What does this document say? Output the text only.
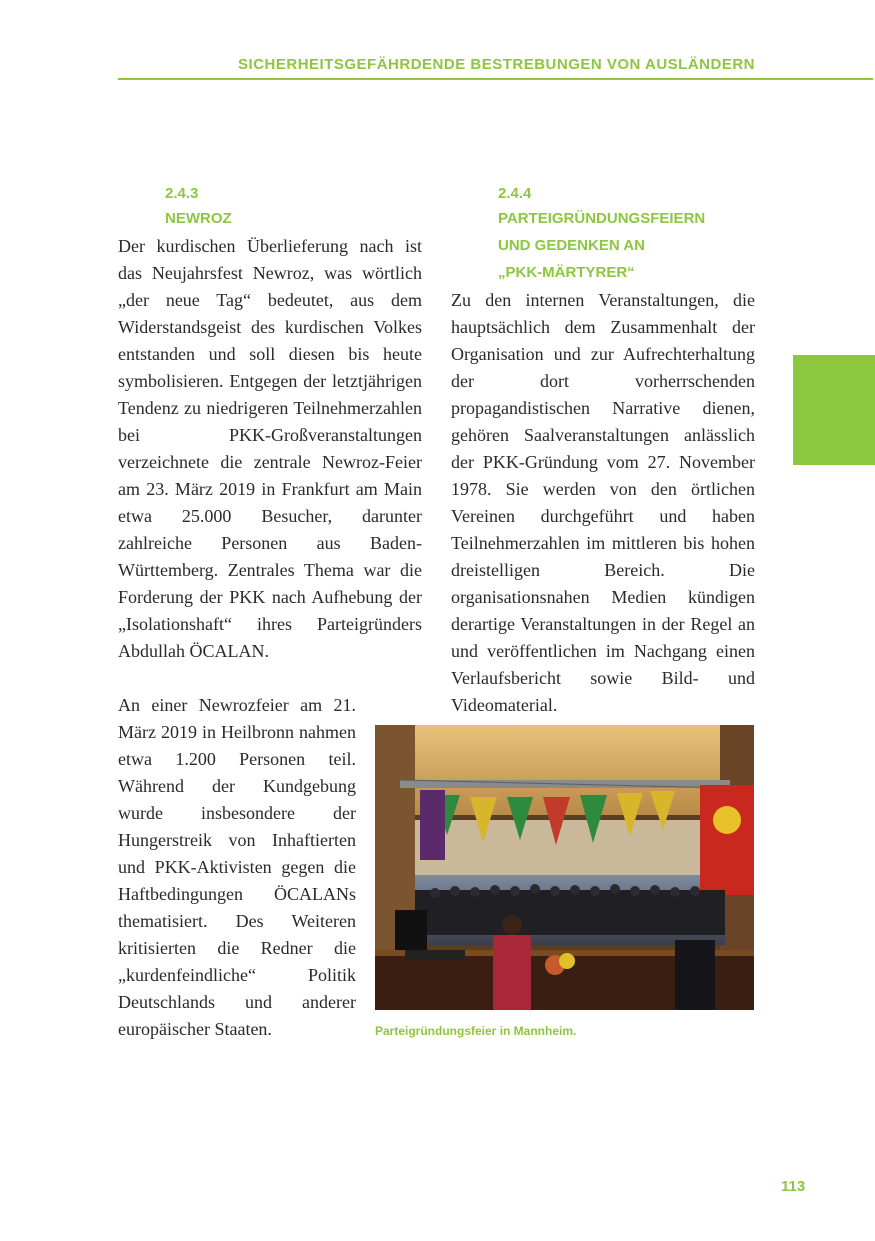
SICHERHEITSGEFÄHRDENDE BESTREBUNGEN VON AUSLÄNDERN
2.4.3
NEWROZ

Der kurdischen Überlieferung nach ist das Neujahrsfest Newroz, was wörtlich „der neue Tag“ bedeutet, aus dem Widerstandsgeist des kurdischen Volkes entstanden und soll diesen bis heute symbolisieren. Entgegen der letztjährigen Tendenz zu niedrigeren Teilnehmerzahlen bei PKK-Großveranstaltungen verzeichnete die zentrale Newroz-Feier am 23. März 2019 in Frankfurt am Main etwa 25.000 Besucher, darunter zahlreiche Personen aus Baden-Württemberg. Zentrales Thema war die Forderung der PKK nach Aufhebung der „Isolationshaft“ ihres Parteigründers Abdullah ÖCALAN.

An einer Newrozfeier am 21. März 2019 in Heilbronn nahmen etwa 1.200 Personen teil. Während der Kundgebung wurde insbesondere der Hungerstreik von Inhaftierten und PKK-Aktivisten gegen die Haftbedingungen ÖCALANs thematisiert. Des Weiteren kritisierten die Redner die „kurdenfeindliche“ Politik Deutschlands und anderer europäischer Staaten.

2.4.4
PARTEIGRÜNDUNGSFEIERN
UND GEDENKEN AN
„PKK-MÄRTYRER“

Zu den internen Veranstaltungen, die hauptsächlich dem Zusammenhalt der Organisation und zur Aufrechterhaltung der dort vorherrschenden propagandistischen Narrative dienen, gehören Saalveranstaltungen anlässlich der PKK-Gründung vom 27. November 1978. Sie werden von den örtlichen Vereinen durchgeführt und haben Teilnehmerzahlen im mittleren bis hohen dreistelligen Bereich. Die organisationsnahen Medien kündigen derartige Veranstaltungen in der Regel an und veröffentlichen im Nachgang einen Verlaufsbericht sowie Bild- und Videomaterial.

Parteigründungsfeier in Mannheim.
113
